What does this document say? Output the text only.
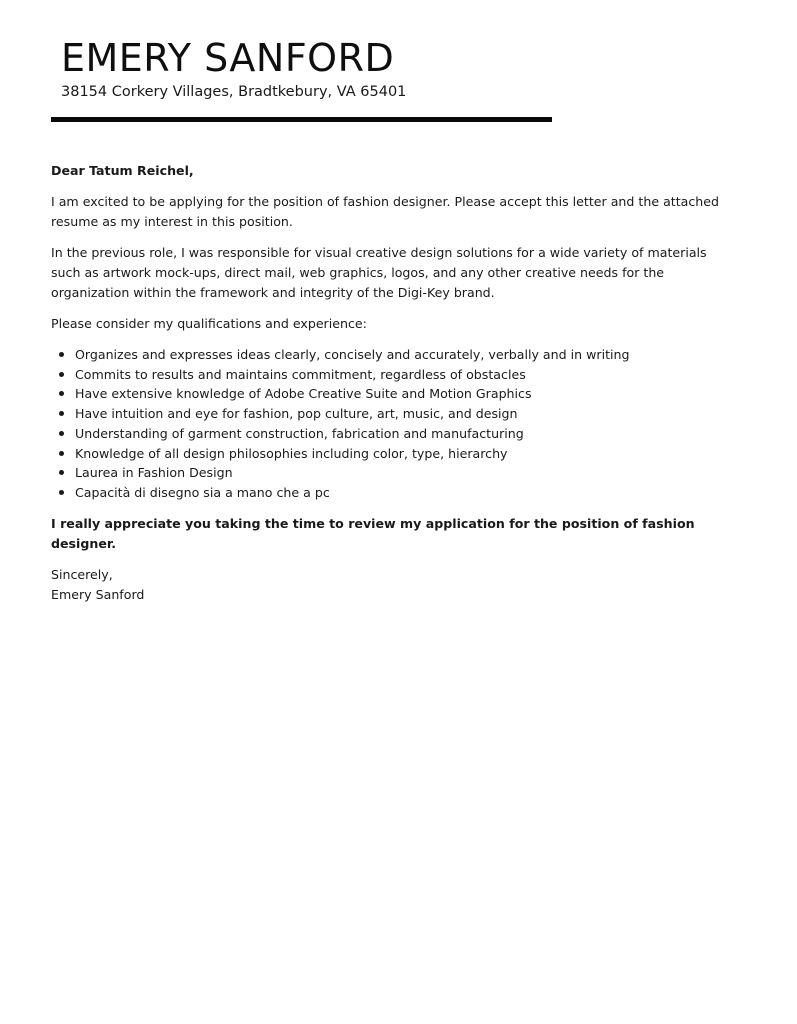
EMERY SANFORD
38154 Corkery Villages, Bradtkebury, VA 65401

Dear Tatum Reichel,

I am excited to be applying for the position of fashion designer. Please accept this letter and the attached resume as my interest in this position.

In the previous role, I was responsible for visual creative design solutions for a wide variety of materials such as artwork mock-ups, direct mail, web graphics, logos, and any other creative needs for the organization within the framework and integrity of the Digi-Key brand.

Please consider my qualifications and experience:

Organizes and expresses ideas clearly, concisely and accurately, verbally and in writing
Commits to results and maintains commitment, regardless of obstacles
Have extensive knowledge of Adobe Creative Suite and Motion Graphics
Have intuition and eye for fashion, pop culture, art, music, and design
Understanding of garment construction, fabrication and manufacturing
Knowledge of all design philosophies including color, type, hierarchy
Laurea in Fashion Design
Capacità di disegno sia a mano che a pc

I really appreciate you taking the time to review my application for the position of fashion designer.

Sincerely,

Emery Sanford
